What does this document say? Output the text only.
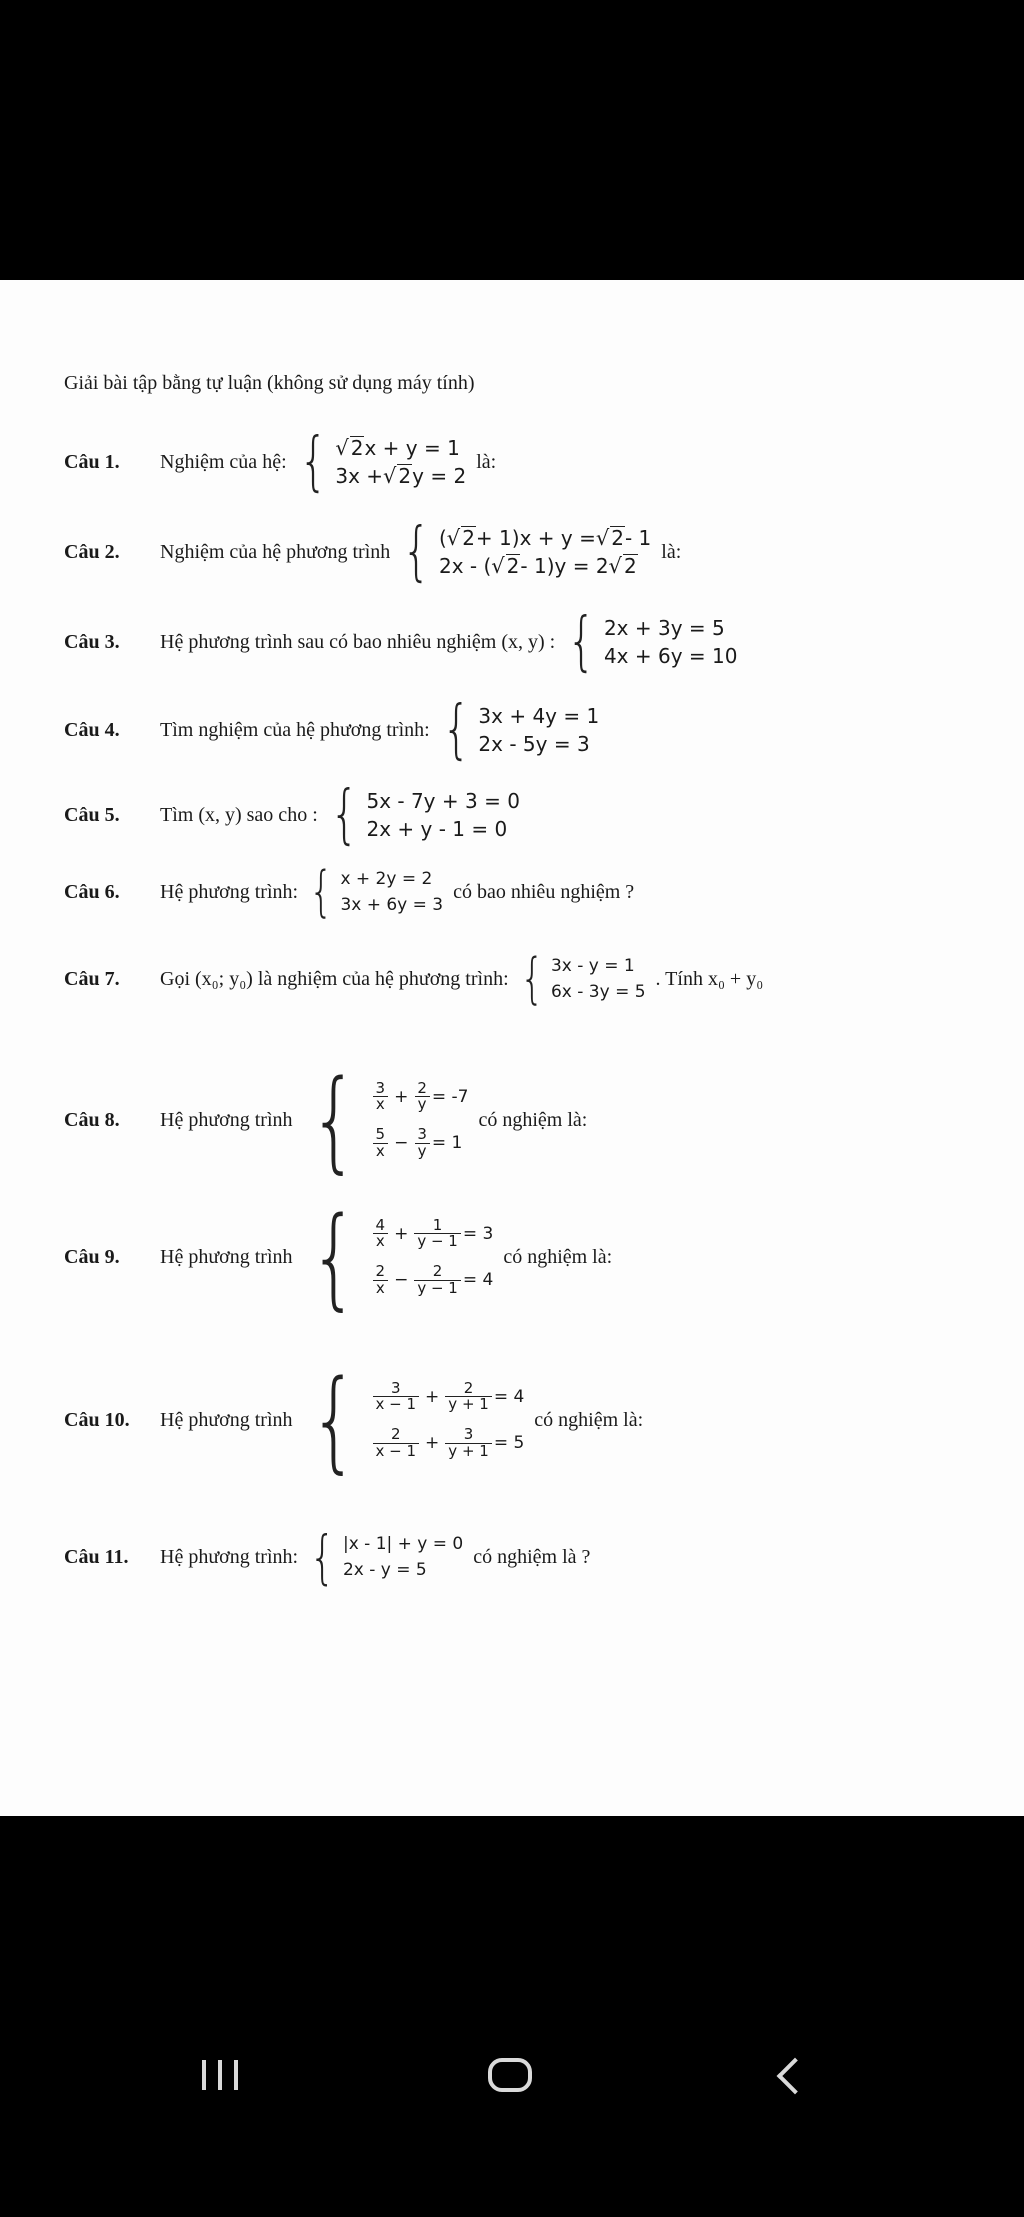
Giải bài tập bằng tự luận (không sử dụng máy tính)
Câu 1.	Nghiệm của hệ: { √ 2 x + y = 1
3x + √ 2 y = 2
là:
Câu 2.	Nghiệm của hệ phương trình { ( √ 2 + 1)x + y = √ 2 - 1
2x - ( √ 2 - 1)y = 2 √ 2
là:
Câu 3.	Hệ phương trình sau có bao nhiêu nghiệm (x, y) : { 2x + 3y = 5
4x + 6y = 10
Câu 4.	Tìm nghiệm của hệ phương trình: { 3x + 4y = 1
2x - 5y = 3
Câu 5.	Tìm (x, y) sao cho : { 5x - 7y + 3 = 0
2x + y - 1 = 0
Câu 6.	Hệ phương trình: { x + 2y = 2
3x + 6y = 3
có bao nhiêu nghiệm ?
Câu 7.	Gọi (x₀; y₀) là nghiệm của hệ phương trình: { 3x - y = 1
6x - 3y = 5
. Tính x₀ + y₀
Câu 8.	Hệ phương trình { $\frac{3}{x} + \frac{2}{y} = -7$
$\frac{5}{x} - \frac{3}{y} = 1$
có nghiệm là:
Câu 9.	Hệ phương trình { $\frac{4}{x} + \frac{1}{y - 1} = 3$
$\frac{2}{x} - \frac{2}{y - 1} = 4$
có nghiệm là:
Câu 10.	Hệ phương trình { $\frac{3}{x - 1} + \frac{2}{y + 1} = 4$
$\frac{2}{x - 1} + \frac{3}{y + 1} = 5$
có nghiệm là:
Câu 11.	Hệ phương trình: { |x - 1| + y = 0
2x - y = 5
có nghiệm là ?
